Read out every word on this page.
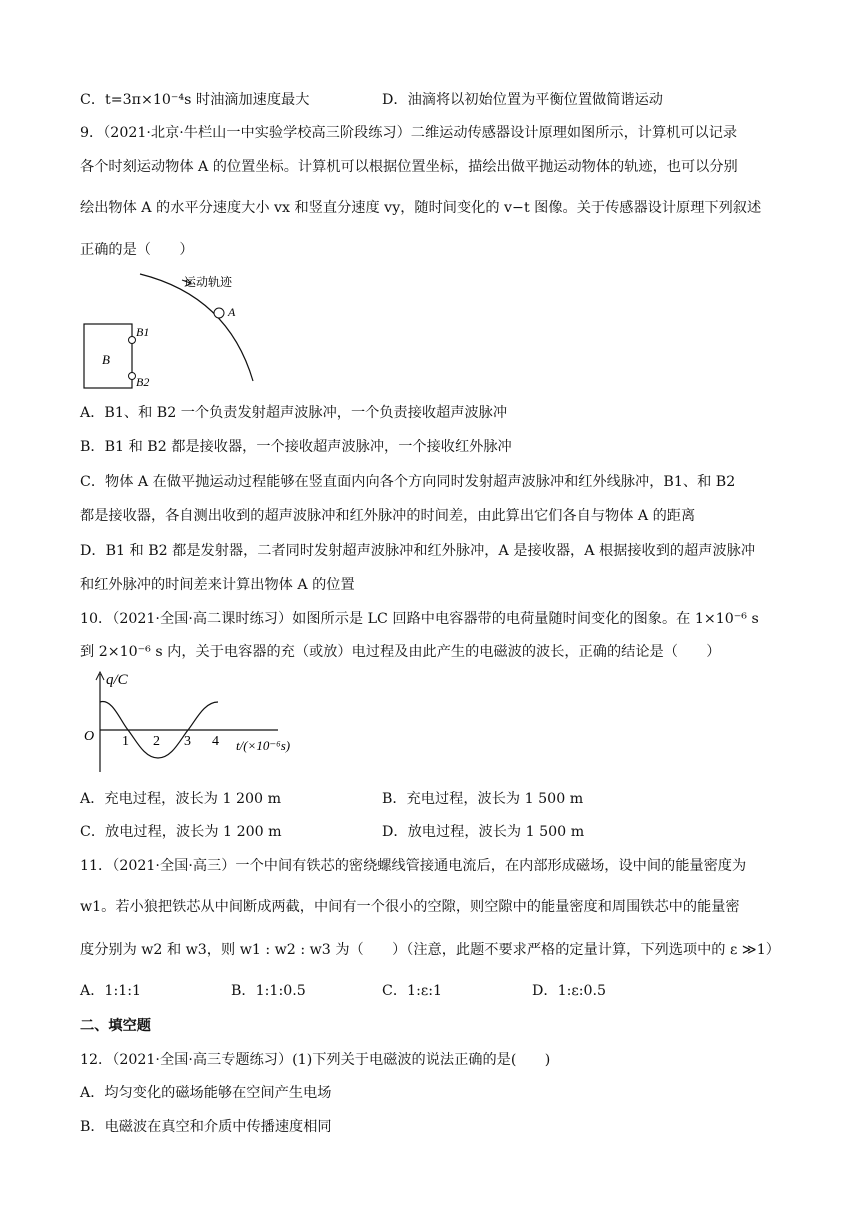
C．t=3π×10⁻⁴s 时油滴加速度最大	D．油滴将以初始位置为平衡位置做简谐运动
9．（2021·北京·牛栏山一中实验学校高三阶段练习）二维运动传感器设计原理如图所示，计算机可以记录
各个时刻运动物体 A 的位置坐标。计算机可以根据位置坐标，描绘出做平抛运动物体的轨迹，也可以分别
绘出物体 A 的水平分速度大小 vx 和竖直分速度 vy，随时间变化的 v−t 图像。关于传感器设计原理下列叙述
正确的是（　　）
运动轨迹
A
B
B1
B2
A．B1、和 B2 一个负责发射超声波脉冲，一个负责接收超声波脉冲
B．B1 和 B2 都是接收器，一个接收超声波脉冲，一个接收红外脉冲
C．物体 A 在做平抛运动过程能够在竖直面内向各个方向同时发射超声波脉冲和红外线脉冲，B1、和 B2
都是接收器，各自测出收到的超声波脉冲和红外脉冲的时间差，由此算出它们各自与物体 A 的距离
D．B1 和 B2 都是发射器，二者同时发射超声波脉冲和红外脉冲，A 是接收器，A 根据接收到的超声波脉冲
和红外脉冲的时间差来计算出物体 A 的位置
10．（2021·全国·高二课时练习）如图所示是 LC 回路中电容器带的电荷量随时间变化的图象。在 1×10⁻⁶ s
到 2×10⁻⁶ s 内，关于电容器的充（或放）电过程及由此产生的电磁波的波长，正确的结论是（　　）
q/C
O 1 2 3 4 t/(×10⁻⁶s)
A．充电过程，波长为 1 200 m	B．充电过程，波长为 1 500 m
C．放电过程，波长为 1 200 m	D．放电过程，波长为 1 500 m
11．（2021·全国·高三）一个中间有铁芯的密绕螺线管接通电流后，在内部形成磁场，设中间的能量密度为
w1。若小狼把铁芯从中间断成两截，中间有一个很小的空隙，则空隙中的能量密度和周围铁芯中的能量密
度分别为 w2 和 w3，则 w1 : w2 : w3 为（　　）（注意，此题不要求严格的定量计算，下列选项中的 ε ≫1）
A．1:1:1	B．1:1:0.5	C．1:ε:1	D．1:ε:0.5
二、填空题
12．（2021·全国·高三专题练习）(1)下列关于电磁波的说法正确的是(　　)
A．均匀变化的磁场能够在空间产生电场
B．电磁波在真空和介质中传播速度相同
